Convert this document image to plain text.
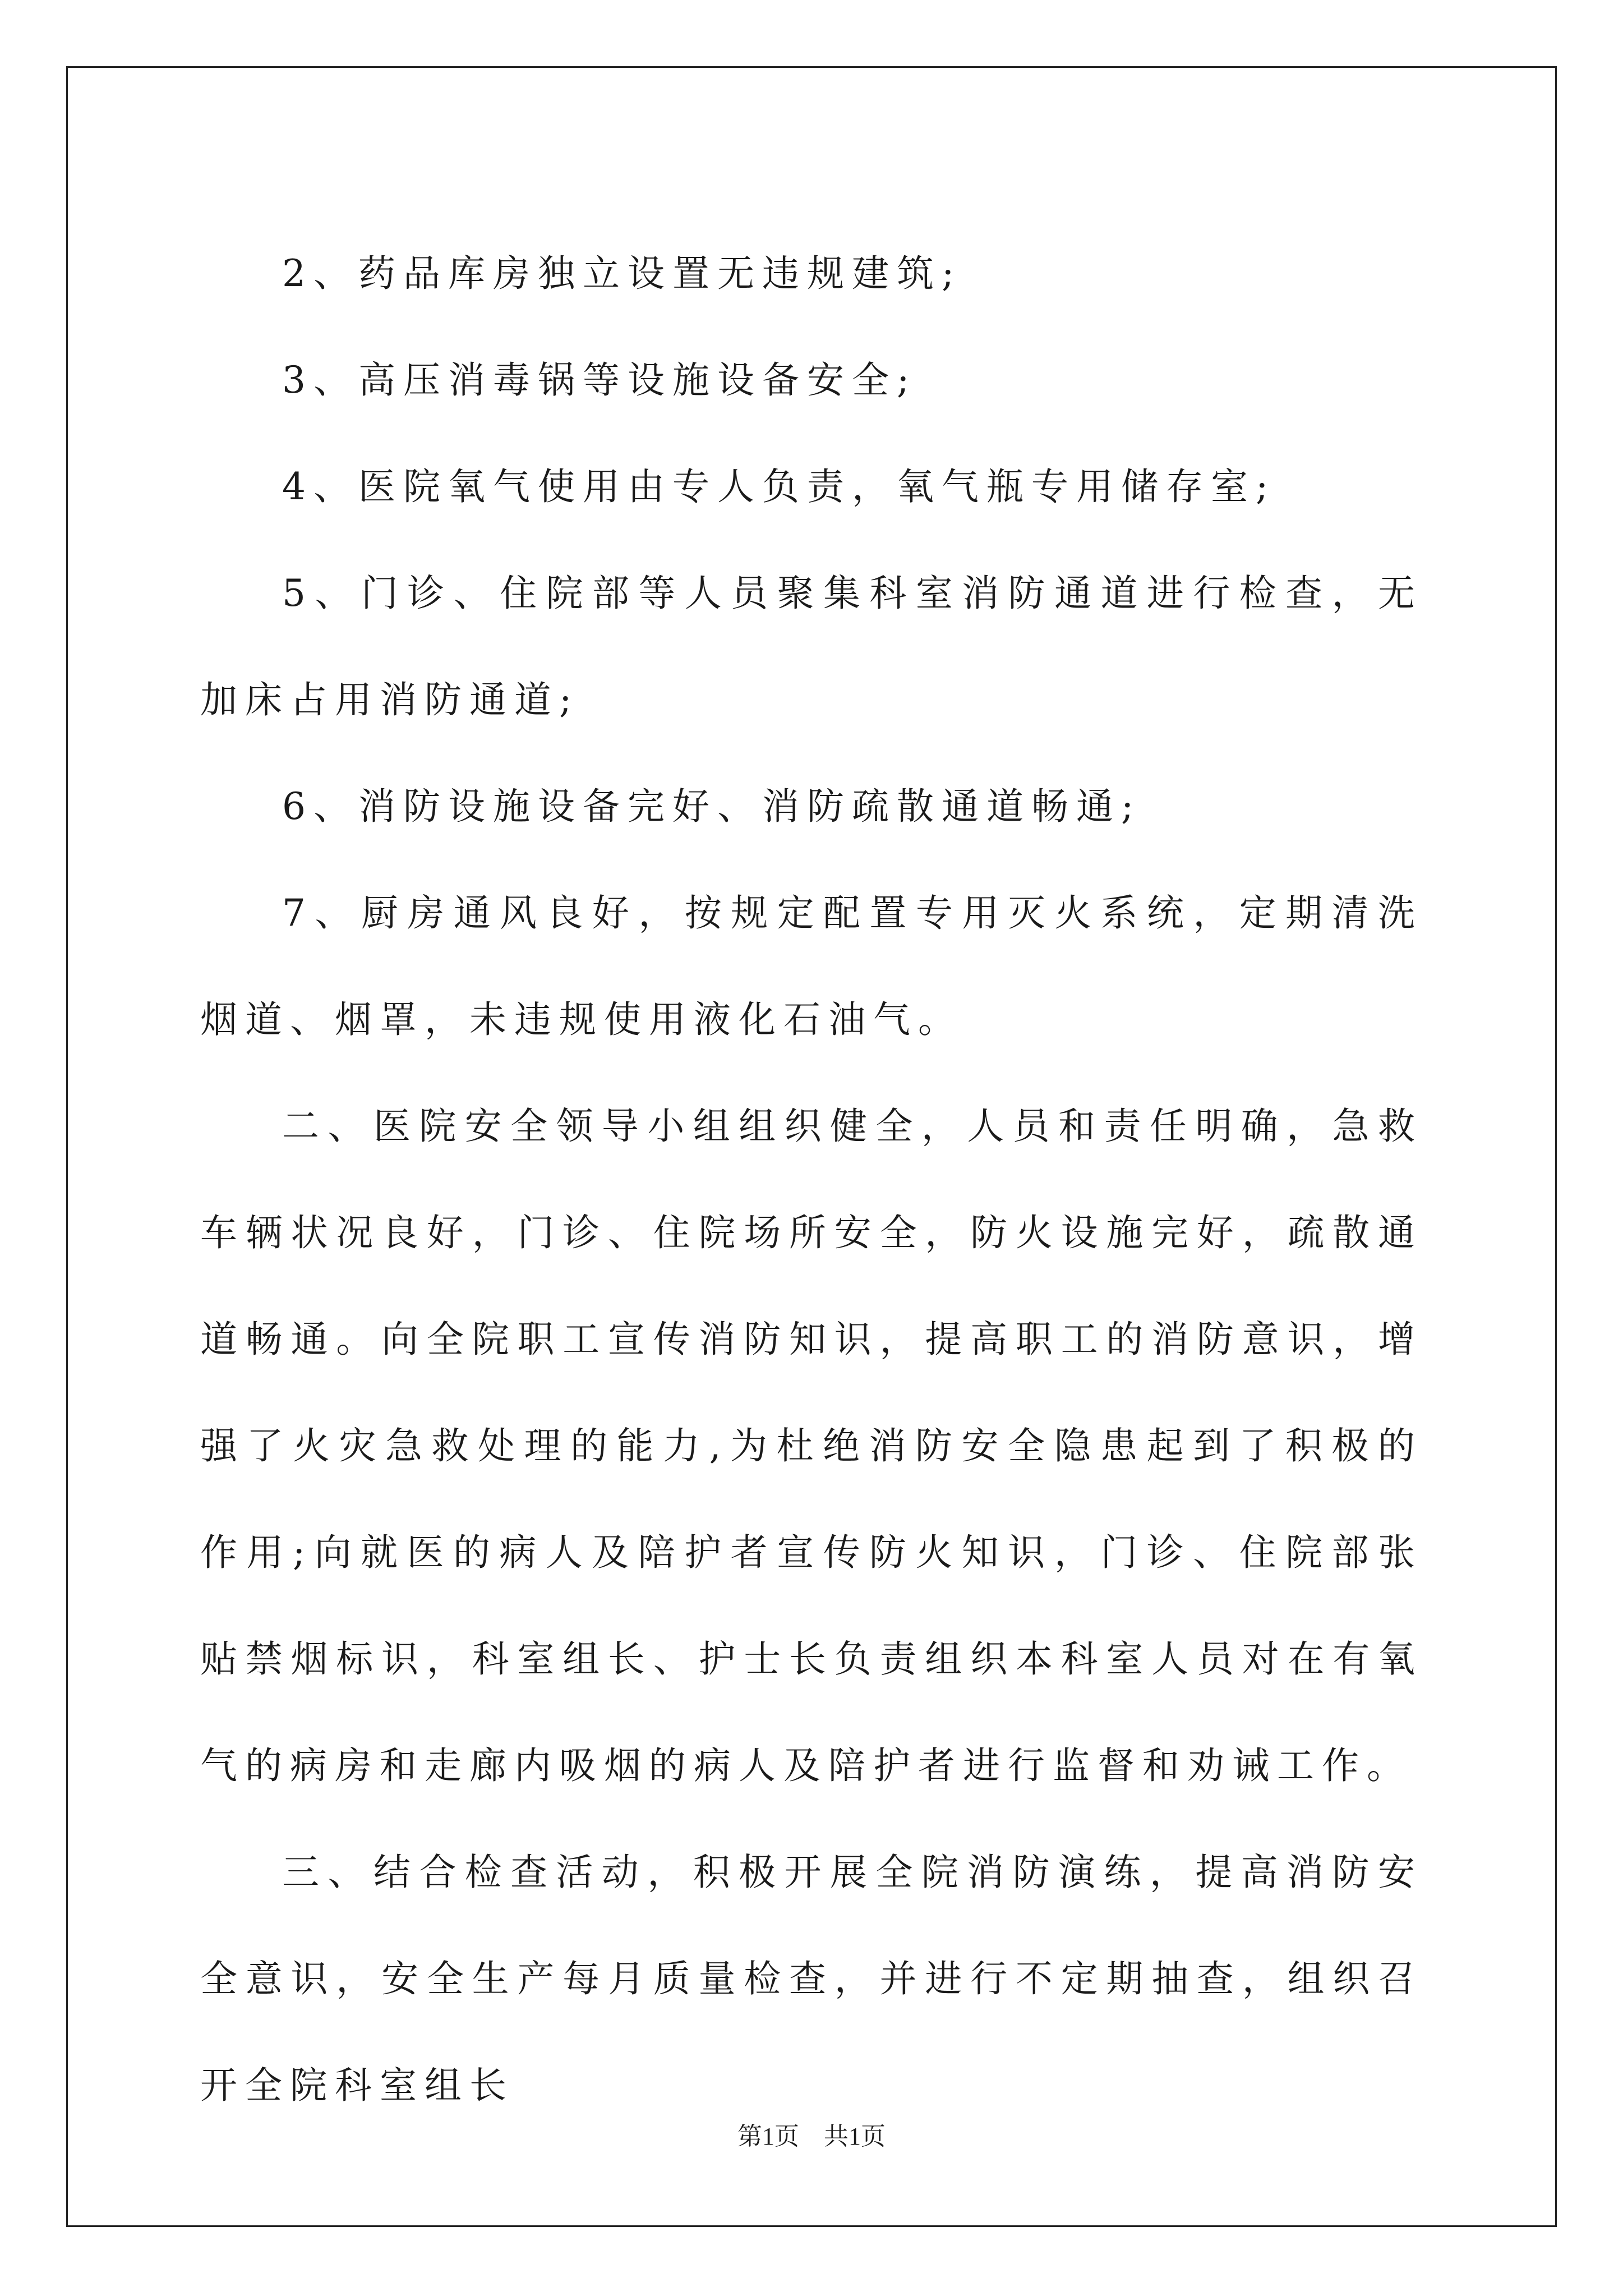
2、药品库房独立设置无违规建筑;

3、高压消毒锅等设施设备安全;

4、医院氧气使用由专人负责，氧气瓶专用储存室;

5、门诊、住院部等人员聚集科室消防通道进行检查，无加床占用消防通道;

6、消防设施设备完好、消防疏散通道畅通;

7、厨房通风良好，按规定配置专用灭火系统，定期清洗烟道、烟罩，未违规使用液化石油气。

二、医院安全领导小组组织健全，人员和责任明确，急救车辆状况良好，门诊、住院场所安全，防火设施完好，疏散通道畅通。向全院职工宣传消防知识，提高职工的消防意识，增强了火灾急救处理的能力,为杜绝消防安全隐患起到了积极的作用;向就医的病人及陪护者宣传防火知识，门诊、住院部张贴禁烟标识，科室组长、护士长负责组织本科室人员对在有氧气的病房和走廊内吸烟的病人及陪护者进行监督和劝诫工作。

三、结合检查活动，积极开展全院消防演练，提高消防安全意识，安全生产每月质量检查，并进行不定期抽查，组织召开全院科室组长

第1页　共1页
